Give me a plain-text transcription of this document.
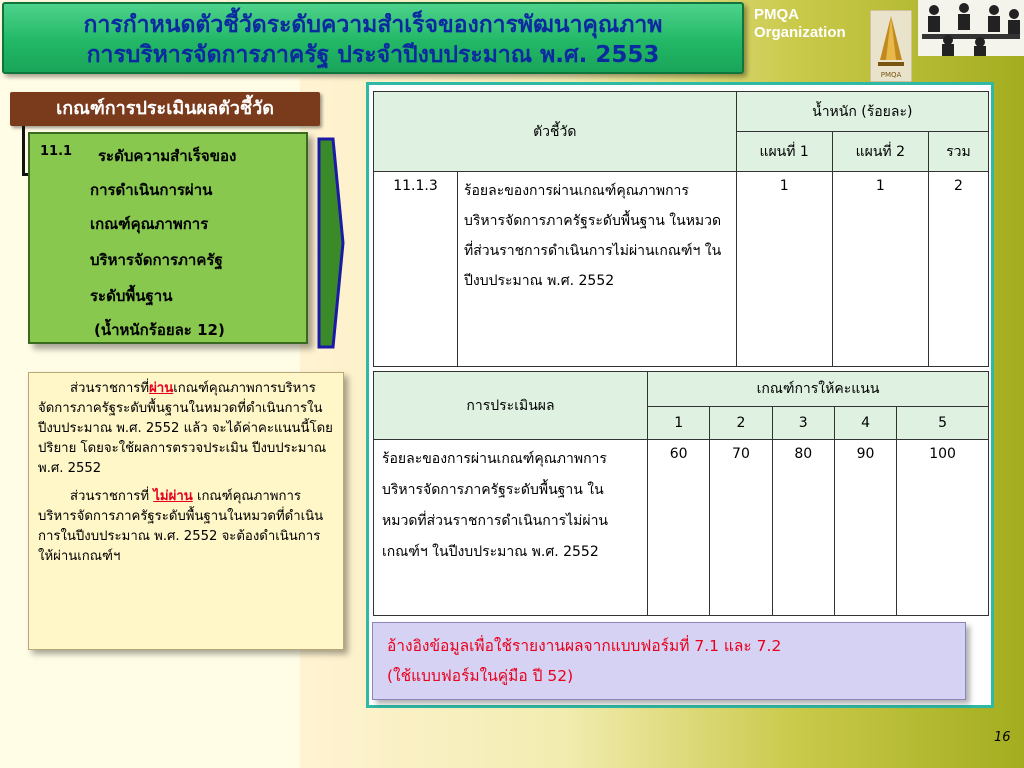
การกำหนดตัวชี้วัดระดับความสำเร็จของการพัฒนาคุณภาพ
การบริหารจัดการภาครัฐ ประจำปีงบประมาณ พ.ศ. 2553
PMQA
Organization
PMQA
เกณฑ์การประเมินผลตัวชี้วัด
11.1 ระดับความสำเร็จของ
การดำเนินการผ่าน
เกณฑ์คุณภาพการ
บริหารจัดการภาครัฐ
ระดับพื้นฐาน
(น้ำหนักร้อยละ 12)

ส่วนราชการที่ผ่านเกณฑ์คุณภาพการบริหารจัดการภาครัฐระดับพื้นฐานในหมวดที่ดำเนินการในปีงบประมาณ พ.ศ. 2552 แล้ว จะได้ค่าคะแนนนี้โดยปริยาย โดยจะใช้ผลการตรวจประเมิน ปีงบประมาณ พ.ศ. 2552

ส่วนราชการที่ ไม่ผ่าน เกณฑ์คุณภาพการบริหารจัดการภาครัฐระดับพื้นฐานในหมวดที่ดำเนินการในปีงบประมาณ พ.ศ. 2552 จะต้องดำเนินการให้ผ่านเกณฑ์ฯ

ตัวชี้วัด	น้ำหนัก (ร้อยละ)		
	แผนที่ 1	แผนที่ 2	รวม

11.1.3 ร้อยละของการผ่านเกณฑ์คุณภาพการบริหารจัดการภาครัฐระดับพื้นฐาน ในหมวดที่ส่วนราชการดำเนินการไม่ผ่านเกณฑ์ฯ ในปีงบประมาณ พ.ศ. 2552	1	1	2
การประเมินผล	เกณฑ์การให้คะแนน				
	1	2	3	4	5
ร้อยละของการผ่านเกณฑ์คุณภาพการบริหารจัดการภาครัฐระดับพื้นฐาน ในหมวดที่ส่วนราชการดำเนินการไม่ผ่านเกณฑ์ฯ ในปีงบประมาณ พ.ศ. 2552	60	70	80	90	100
อ้างอิงข้อมูลเพื่อใช้รายงานผลจากแบบฟอร์มที่ 7.1 และ 7.2
(ใช้แบบฟอร์มในคู่มือ ปี 52)
16
